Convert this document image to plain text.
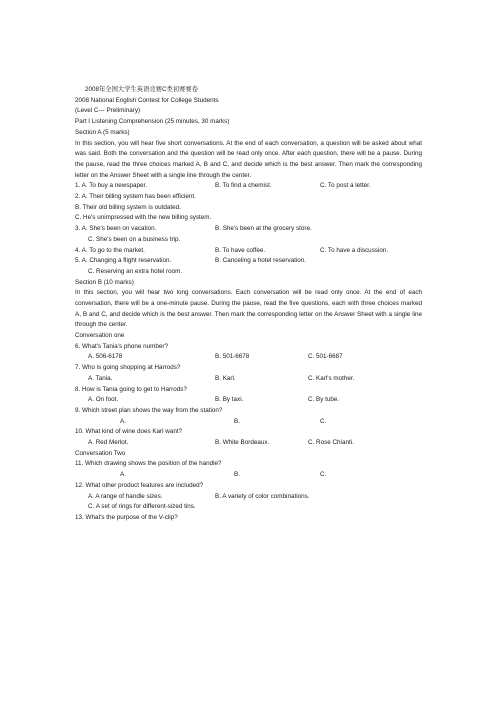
2008年全国大学生英语竞赛C类初赛赛卷
2008 National English Contest for College Students
(Level C--- Preliminary)
Part I Listening Comprehension (25 minutes, 30 marks)
Section A (5 marks)
In this section, you will hear five short conversations. At the end of each conversation, a question will be asked about what was said. Both the conversation and the question will be read only once. After each question, there will be a pause. During the pause, read the three choices marked A, B and C, and decide which is the best answer. Then mark the corresponding letter on the Answer Sheet with a single line through the center.
1. A. To buy a newspaper.	B. To find a chemist.	C. To post a letter.
2. A. Their billing system has been efficient.
B. Their old billing system is outdated.
C. He's unimpressed with the new billing system.
3. A. She's been on vacation.	B. She's been at the grocery store.
C. She's been on a business trip.
4. A. To go to the market.	B. To have coffee.	C. To have a discussion.
5. A. Changing a flight reservation.	B. Canceling a hotel reservation.
C. Reserving an extra hotel room.
Section B (10 marks)
In this section, you will hear two long conversations. Each conversation will be read only once. At the end of each conversation, there will be a one-minute pause. During the pause, read the five questions, each with three choices marked A, B and C, and decide which is the best answer. Then mark the corresponding letter on the Answer Sheet with a single line through the center.
Conversation one
6. What's Tania's phone number?
A. 506-6178	B. 501-6678	C. 501-6687
7. Who is going shopping at Harrods?
A. Tania.	B. Karl.	C. Karl's mother.
8. How is Tania going to get to Harrods?
A. On foot.	B. By taxi.	C. By tube.
9. Which street plan shows the way from the station?
A.	B.	C.
10. What kind of wine does Karl want?
A. Red Merlot.	B. White Bordeaux.	C. Rose Chianti.
Conversation Two
11. Which drawing shows the position of the handle?
A.	B.	C.
12. What other product features are included?
A. A range of handle sizes.	B. A variety of color combinations.
C. A set of rings for different-sized tins.
13. What's the purpose of the V-clip?
